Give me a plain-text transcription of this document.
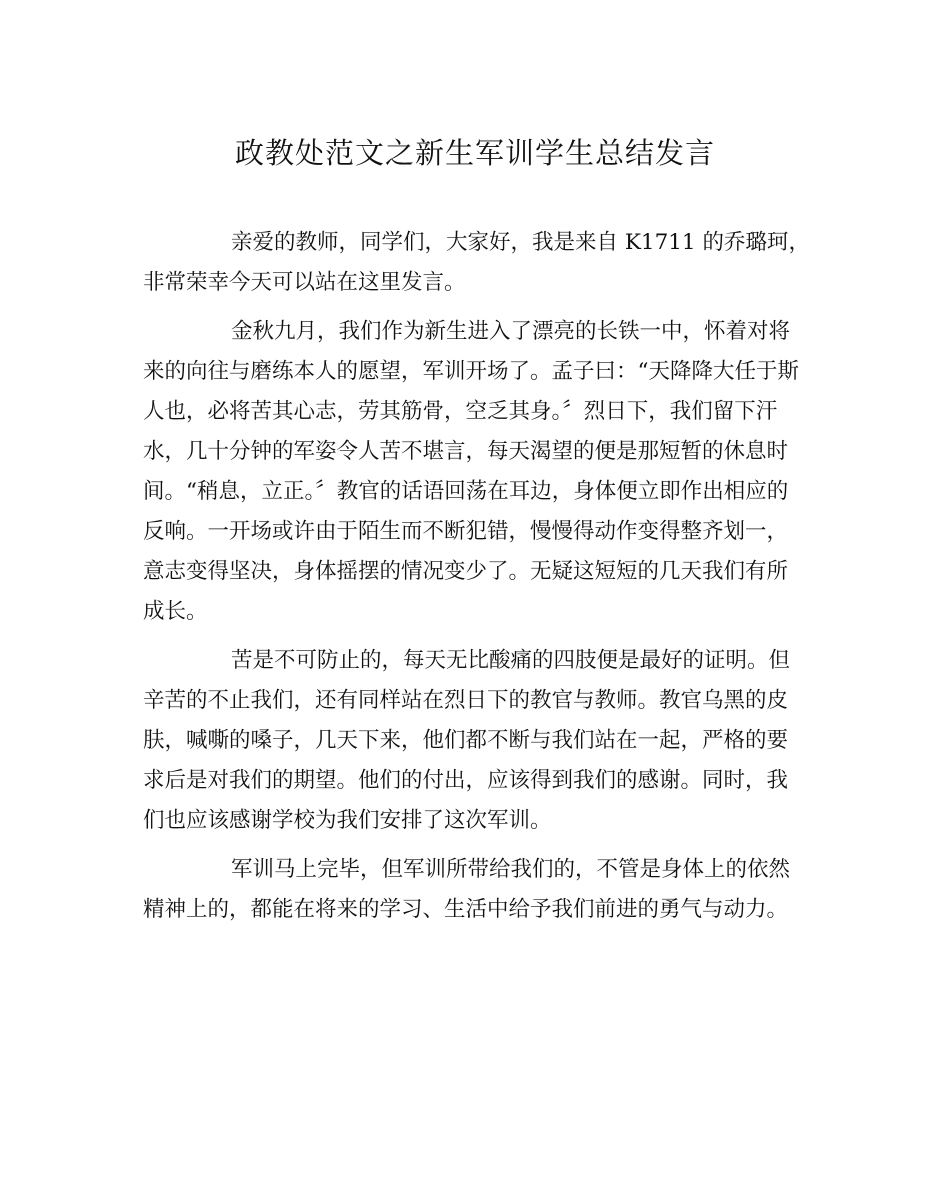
政教处范文之新生军训学生总结发言
亲爱的教师，同学们，大家好，我是来自 K1711 的乔璐珂，
非常荣幸今天可以站在这里发言。
金秋九月，我们作为新生进入了漂亮的长铁一中，怀着对将
来的向往与磨练本人的愿望，军训开场了。孟子曰：“天降降大任于斯
人也，必将苦其心志，劳其筋骨，空乏其身。〞烈日下，我们留下汗
水，几十分钟的军姿令人苦不堪言，每天渴望的便是那短暂的休息时
间。“稍息，立正。〞教官的话语回荡在耳边，身体便立即作出相应的
反响。一开场或许由于陌生而不断犯错，慢慢得动作变得整齐划一，
意志变得坚决，身体摇摆的情况变少了。无疑这短短的几天我们有所
成长。
苦是不可防止的，每天无比酸痛的四肢便是最好的证明。但
辛苦的不止我们，还有同样站在烈日下的教官与教师。教官乌黑的皮
肤，喊嘶的嗓子，几天下来，他们都不断与我们站在一起，严格的要
求后是对我们的期望。他们的付出，应该得到我们的感谢。同时，我
们也应该感谢学校为我们安排了这次军训。
军训马上完毕，但军训所带给我们的，不管是身体上的依然
精神上的，都能在将来的学习、生活中给予我们前进的勇气与动力。
